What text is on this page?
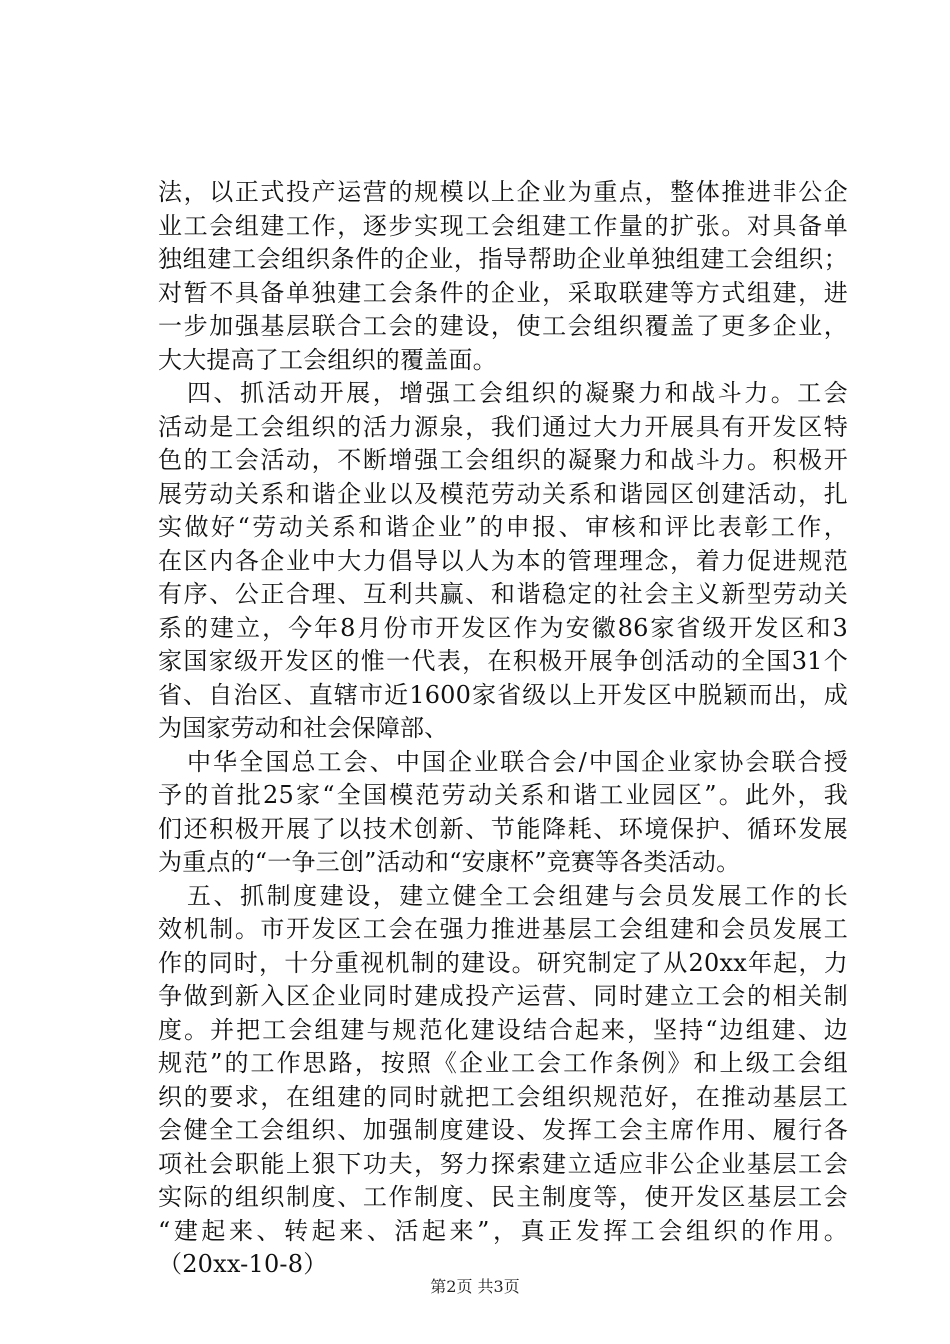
法，以正式投产运营的规模以上企业为重点，整体推进非公企
业工会组建工作，逐步实现工会组建工作量的扩张。对具备单
独组建工会组织条件的企业，指导帮助企业单独组建工会组织；
对暂不具备单独建工会条件的企业，采取联建等方式组建，进
一步加强基层联合工会的建设，使工会组织覆盖了更多企业，
大大提高了工会组织的覆盖面。
四、抓活动开展，增强工会组织的凝聚力和战斗力。工会
活动是工会组织的活力源泉，我们通过大力开展具有开发区特
色的工会活动，不断增强工会组织的凝聚力和战斗力。积极开
展劳动关系和谐企业以及模范劳动关系和谐园区创建活动，扎
实做好“劳动关系和谐企业”的申报、审核和评比表彰工作，
在区内各企业中大力倡导以人为本的管理理念，着力促进规范
有序、公正合理、互利共赢、和谐稳定的社会主义新型劳动关
系的建立，今年8月份市开发区作为安徽86家省级开发区和3
家国家级开发区的惟一代表，在积极开展争创活动的全国31个
省、自治区、直辖市近1600家省级以上开发区中脱颖而出，成
为国家劳动和社会保障部、
中华全国总工会、中国企业联合会/中国企业家协会联合授
予的首批25家“全国模范劳动关系和谐工业园区”。此外，我
们还积极开展了以技术创新、节能降耗、环境保护、循环发展
为重点的“一争三创”活动和“安康杯”竞赛等各类活动。
五、抓制度建设，建立健全工会组建与会员发展工作的长
效机制。市开发区工会在强力推进基层工会组建和会员发展工
作的同时，十分重视机制的建设。研究制定了从20xx年起，力
争做到新入区企业同时建成投产运营、同时建立工会的相关制
度。并把工会组建与规范化建设结合起来，坚持“边组建、边
规范”的工作思路，按照《企业工会工作条例》和上级工会组
织的要求，在组建的同时就把工会组织规范好，在推动基层工
会健全工会组织、加强制度建设、发挥工会主席作用、履行各
项社会职能上狠下功夫，努力探索建立适应非公企业基层工会
实际的组织制度、工作制度、民主制度等，使开发区基层工会
“建起来、转起来、活起来”，真正发挥工会组织的作用。
（20xx-10-8）
第2页 共3页
